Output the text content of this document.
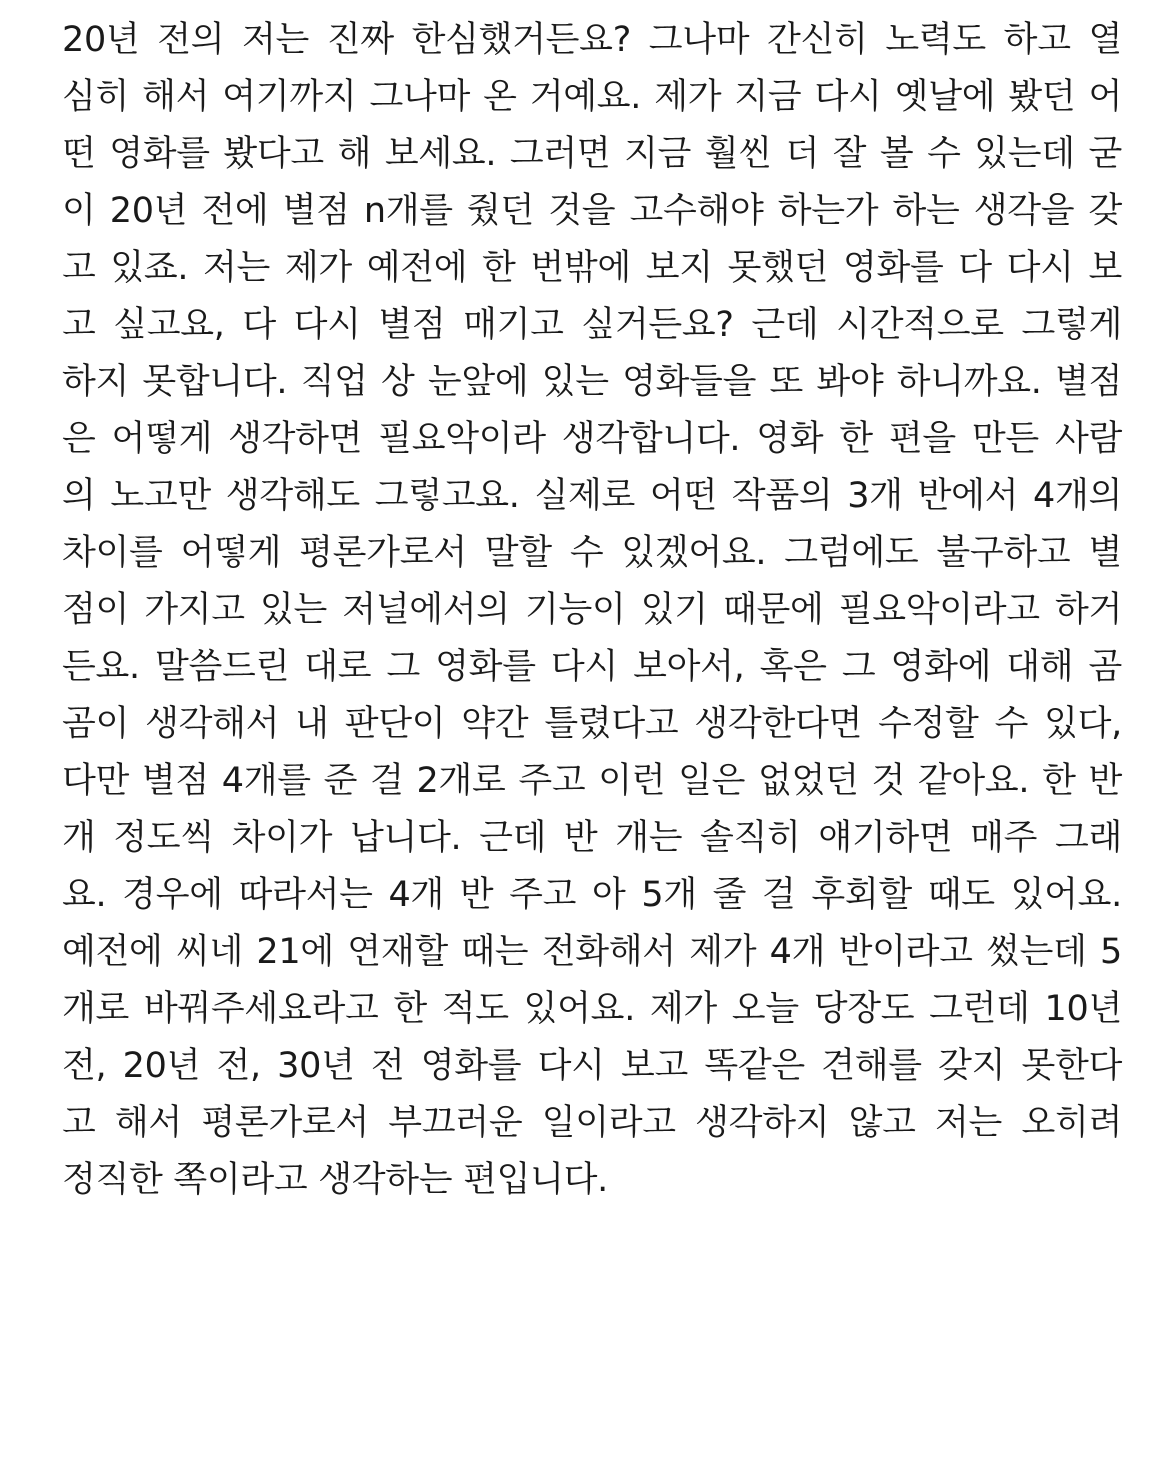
20년 전의 저는 진짜 한심했거든요? 그나마 간신히 노력도 하고 열
심히 해서 여기까지 그나마 온 거예요. 제가 지금 다시 옛날에 봤던 어
떤 영화를 봤다고 해 보세요. 그러면 지금 훨씬 더 잘 볼 수 있는데 굳
이 20년 전에 별점 n개를 줬던 것을 고수해야 하는가 하는 생각을 갖
고 있죠. 저는 제가 예전에 한 번밖에 보지 못했던 영화를 다 다시 보
고 싶고요, 다 다시 별점 매기고 싶거든요? 근데 시간적으로 그렇게
하지 못합니다. 직업 상 눈앞에 있는 영화들을 또 봐야 하니까요. 별점
은 어떻게 생각하면 필요악이라 생각합니다. 영화 한 편을 만든 사람
의 노고만 생각해도 그렇고요. 실제로 어떤 작품의 3개 반에서 4개의
차이를 어떻게 평론가로서 말할 수 있겠어요. 그럼에도 불구하고 별
점이 가지고 있는 저널에서의 기능이 있기 때문에 필요악이라고 하거
든요. 말씀드린 대로 그 영화를 다시 보아서, 혹은 그 영화에 대해 곰
곰이 생각해서 내 판단이 약간 틀렸다고 생각한다면 수정할 수 있다,
다만 별점 4개를 준 걸 2개로 주고 이런 일은 없었던 것 같아요. 한 반
개 정도씩 차이가 납니다. 근데 반 개는 솔직히 얘기하면 매주 그래
요. 경우에 따라서는 4개 반 주고 아 5개 줄 걸 후회할 때도 있어요.
예전에 씨네 21에 연재할 때는 전화해서 제가 4개 반이라고 썼는데 5
개로 바꿔주세요라고 한 적도 있어요. 제가 오늘 당장도 그런데 10년
전, 20년 전, 30년 전 영화를 다시 보고 똑같은 견해를 갖지 못한다
고 해서 평론가로서 부끄러운 일이라고 생각하지 않고 저는 오히려
정직한 쪽이라고 생각하는 편입니다.
